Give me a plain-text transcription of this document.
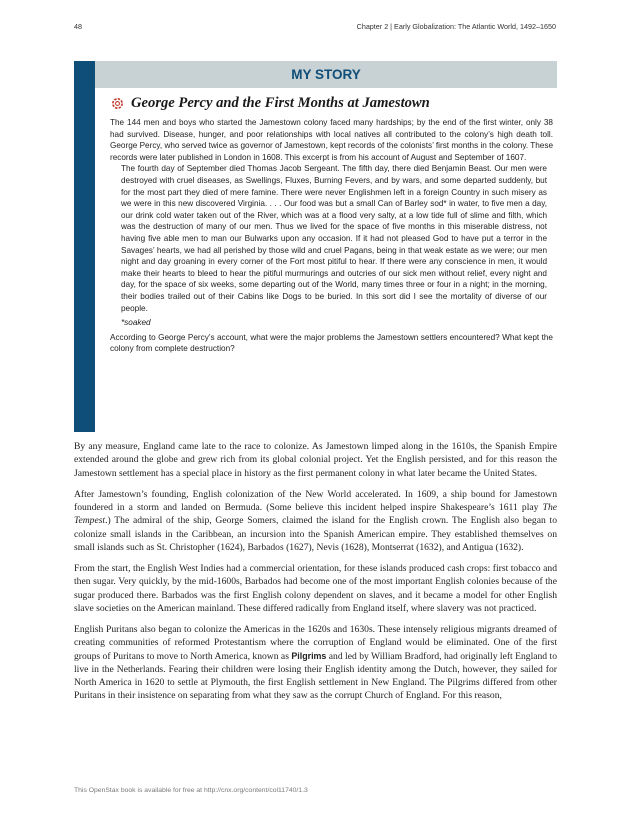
48	Chapter 2 | Early Globalization: The Atlantic World, 1492–1650
MY STORY
George Percy and the First Months at Jamestown

The 144 men and boys who started the Jamestown colony faced many hardships; by the end of the first winter, only 38 had survived. Disease, hunger, and poor relationships with local natives all contributed to the colony’s high death toll. George Percy, who served twice as governor of Jamestown, kept records of the colonists’ first months in the colony. These records were later published in London in 1608. This excerpt is from his account of August and September of 1607.

The fourth day of September died Thomas Jacob Sergeant. The fifth day, there died Benjamin Beast. Our men were destroyed with cruel diseases, as Swellings, Fluxes, Burning Fevers, and by wars, and some departed suddenly, but for the most part they died of mere famine. There were never Englishmen left in a foreign Country in such misery as we were in this new discovered Virginia. . . . Our food was but a small Can of Barley sod* in water, to five men a day, our drink cold water taken out of the River, which was at a flood very salty, at a low tide full of slime and filth, which was the destruction of many of our men. Thus we lived for the space of five months in this miserable distress, not having five able men to man our Bulwarks upon any occasion. If it had not pleased God to have put a terror in the Savages’ hearts, we had all perished by those wild and cruel Pagans, being in that weak estate as we were; our men night and day groaning in every corner of the Fort most pitiful to hear. If there were any conscience in men, it would make their hearts to bleed to hear the pitiful murmurings and outcries of our sick men without relief, every night and day, for the space of six weeks, some departing out of the World, many times three or four in a night; in the morning, their bodies trailed out of their Cabins like Dogs to be buried. In this sort did I see the mortality of diverse of our people.

*soaked

According to George Percy’s account, what were the major problems the Jamestown settlers encountered? What kept the colony from complete destruction?

By any measure, England came late to the race to colonize. As Jamestown limped along in the 1610s, the Spanish Empire extended around the globe and grew rich from its global colonial project. Yet the English persisted, and for this reason the Jamestown settlement has a special place in history as the first permanent colony in what later became the United States.

After Jamestown’s founding, English colonization of the New World accelerated. In 1609, a ship bound for Jamestown foundered in a storm and landed on Bermuda. (Some believe this incident helped inspire Shakespeare’s 1611 play The Tempest.) The admiral of the ship, George Somers, claimed the island for the English crown. The English also began to colonize small islands in the Caribbean, an incursion into the Spanish American empire. They established themselves on small islands such as St. Christopher (1624), Barbados (1627), Nevis (1628), Montserrat (1632), and Antigua (1632).

From the start, the English West Indies had a commercial orientation, for these islands produced cash crops: first tobacco and then sugar. Very quickly, by the mid-1600s, Barbados had become one of the most important English colonies because of the sugar produced there. Barbados was the first English colony dependent on slaves, and it became a model for other English slave societies on the American mainland. These differed radically from England itself, where slavery was not practiced.

English Puritans also began to colonize the Americas in the 1620s and 1630s. These intensely religious migrants dreamed of creating communities of reformed Protestantism where the corruption of England would be eliminated. One of the first groups of Puritans to move to North America, known as Pilgrims and led by William Bradford, had originally left England to live in the Netherlands. Fearing their children were losing their English identity among the Dutch, however, they sailed for North America in 1620 to settle at Plymouth, the first English settlement in New England. The Pilgrims differed from other Puritans in their insistence on separating from what they saw as the corrupt Church of England. For this reason,

This OpenStax book is available for free at http://cnx.org/content/col11740/1.3
